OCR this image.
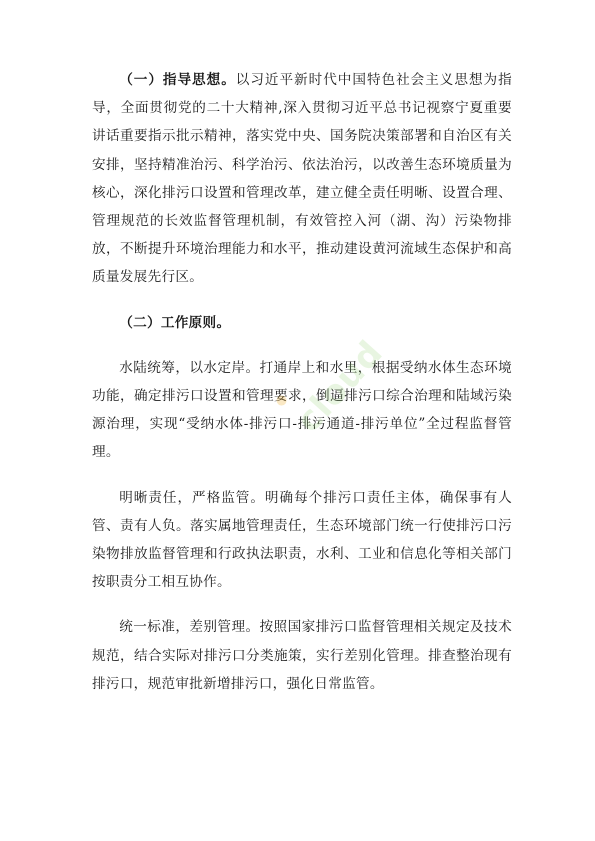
（一）指导思想。以习近平新时代中国特色社会主义思想为指导，全面贯彻党的二十大精神,深入贯彻习近平总书记视察宁夏重要讲话重要指示批示精神，落实党中央、国务院决策部署和自治区有关安排，坚持精准治污、科学治污、依法治污，以改善生态环境质量为核心，深化排污口设置和管理改革，建立健全责任明晰、设置合理、管理规范的长效监督管理机制，有效管控入河（湖、沟）污染物排放，不断提升环境治理能力和水平，推动建设黄河流域生态保护和高质量发展先行区。

（二）工作原则。

水陆统筹，以水定岸。打通岸上和水里，根据受纳水体生态环境功能，确定排污口设置和管理要求，倒逼排污口综合治理和陆域污染源治理，实现“受纳水体-排污口-排污通道-排污单位”全过程监督管理。

明晰责任，严格监管。明确每个排污口责任主体，确保事有人管、责有人负。落实属地管理责任，生态环境部门统一行使排污口污染物排放监督管理和行政执法职责，水利、工业和信息化等相关部门按职责分工相互协作。

统一标准，差别管理。按照国家排污口监督管理相关规定及技术规范，结合实际对排污口分类施策，实行差别化管理。排查整治现有排污口，规范审批新增排污口，强化日常监管。

cloud
